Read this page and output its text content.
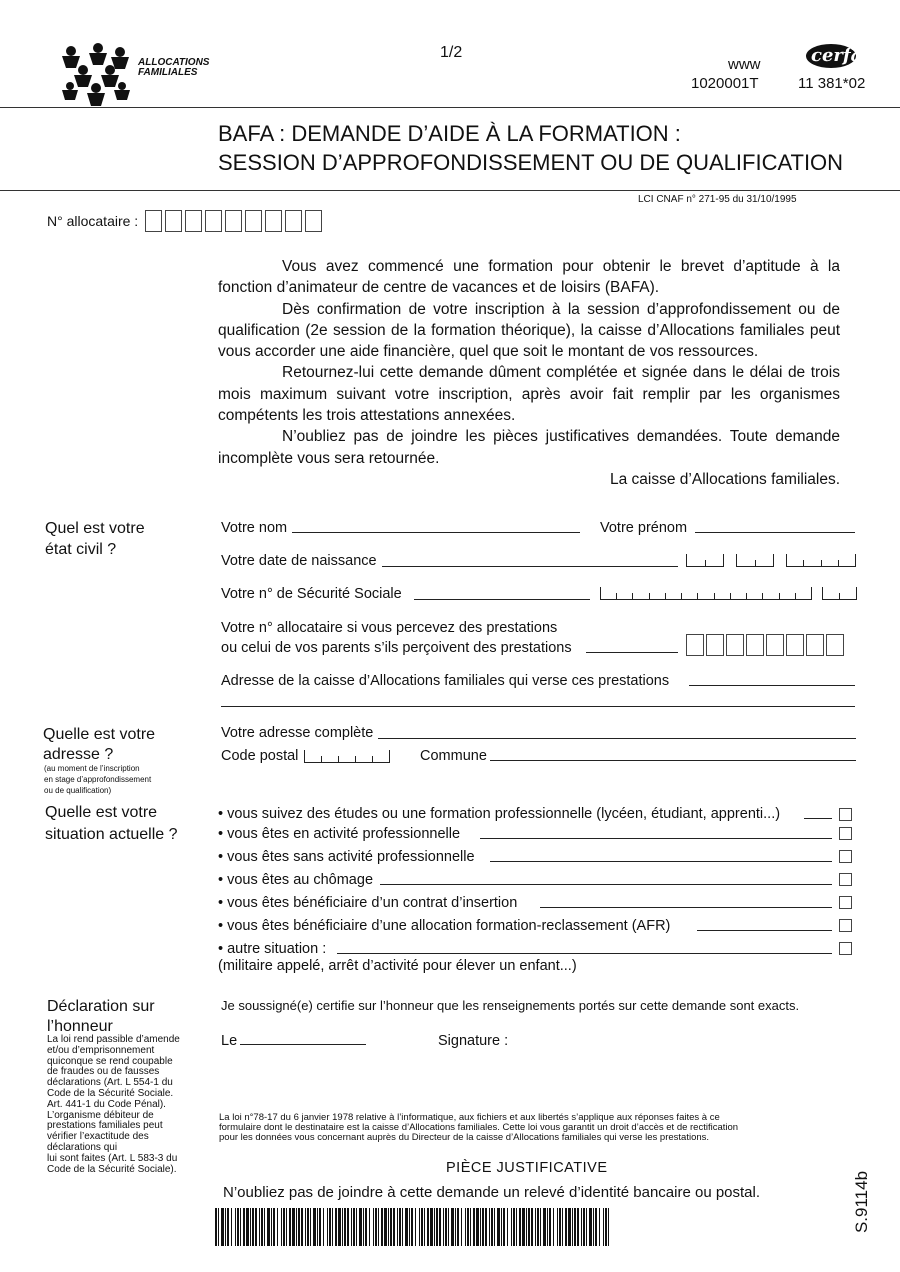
ALLOCATIONS
FAMILIALES
1/2
www
1020001T
cerfa
11 381*02
BAFA : DEMANDE D’AIDE À LA FORMATION :
SESSION D’APPROFONDISSEMENT OU DE QUALIFICATION
LCI CNAF n° 271-95 du 31/10/1995
N° allocataire :

Vous avez commencé une formation pour obtenir le brevet d’aptitude à la fonction d’animateur de centre de vacances et de loisirs (BAFA).

Dès confirmation de votre inscription à la session d’approfondissement ou de qualification (2e session de la formation théorique), la caisse d’Allocations familiales peut vous accorder une aide financière, quel que soit le montant de vos ressources.

Retournez-lui cette demande dûment complétée et signée dans le délai de trois mois maximum suivant votre inscription, après avoir fait remplir par les organismes compétents les trois attestations annexées.

N’oubliez pas de joindre les pièces justificatives demandées. Toute demande incomplète vous sera retournée.

La caisse d’Allocations familiales.
Quel est votre
état civil ?
Votre nom	Votre prénom
Votre date de naissance
Votre n° de Sécurité Sociale
Votre n° allocataire si vous percevez des prestations
ou celui de vos parents s’ils perçoivent des prestations
Adresse de la caisse d’Allocations familiales qui verse ces prestations
Quelle est votre
adresse ?
(au moment de l’inscription
en stage d’approfondissement
ou de qualification)
Votre adresse complète
Code postal	Commune
Quelle est votre
situation actuelle ?
• vous suivez des études ou une formation professionnelle (lycéen, étudiant, apprenti...)
• vous êtes en activité professionnelle
• vous êtes sans activité professionnelle
• vous êtes au chômage
• vous êtes bénéficiaire d’un contrat d’insertion
• vous êtes bénéficiaire d’une allocation formation-reclassement (AFR)
• autre situation :
(militaire appelé, arrêt d’activité pour élever un enfant...)
Déclaration sur
l’honneur
La loi rend passible d’amende
et/ou d’emprisonnement
quiconque se rend coupable
de fraudes ou de fausses
déclarations (Art. L 554-1 du
Code de la Sécurité Sociale.
Art. 441-1 du Code Pénal).
L’organisme débiteur de
prestations familiales peut
vérifier l’exactitude des
déclarations qui
lui sont faites (Art. L 583-3 du
Code de la Sécurité Sociale).
Je soussigné(e) certifie sur l’honneur que les renseignements portés sur cette demande sont exacts.
Le	Signature :
La loi n°78-17 du 6 janvier 1978 relative à l’informatique, aux fichiers et aux libertés s’applique aux réponses faites à ce
formulaire dont le destinataire est la caisse d’Allocations familiales. Cette loi vous garantit un droit d’accès et de rectification
pour les données vous concernant auprès du Directeur de la caisse d’Allocations familiales qui verse les prestations.
PIÈCE JUSTIFICATIVE
N’oubliez pas de joindre à cette demande un relevé d’identité bancaire ou postal.	S.9114b
